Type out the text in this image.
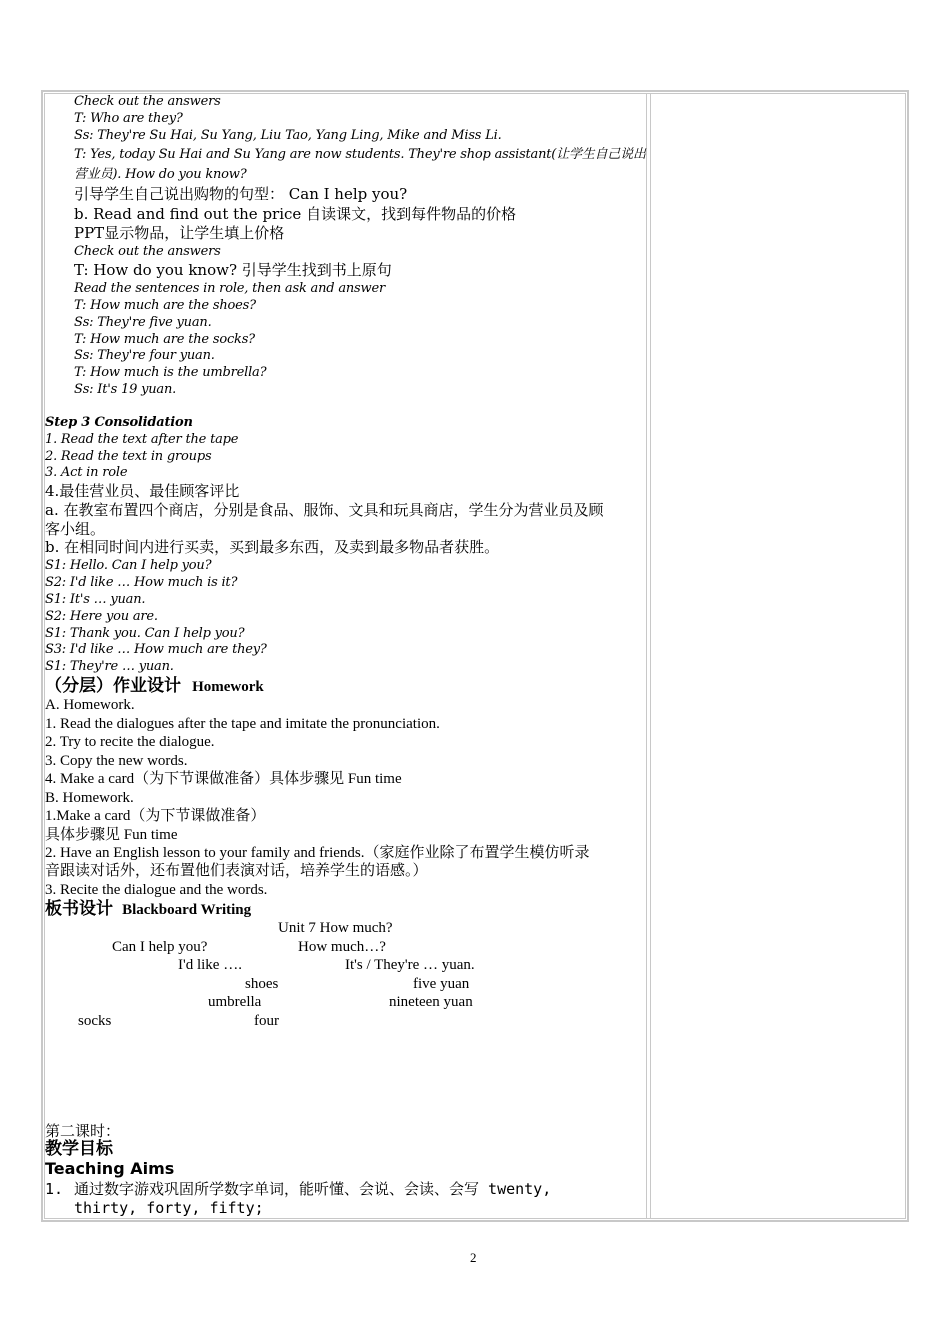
Check out the answers
T: Who are they?
Ss: They're Su Hai, Su Yang, Liu Tao, Yang Ling, Mike and Miss Li.
T: Yes, today Su Hai and Su Yang are now students. They're shop assistant(让学生自己说出
营业员). How do you know?
引导学生自己说出购物的句型： Can I help you?
b. Read and find out the price 自读课文，找到每件物品的价格
PPT显示物品，让学生填上价格
Check out the answers
T: How do you know? 引导学生找到书上原句
Read the sentences in role, then ask and answer
T: How much are the shoes?
Ss: They're five yuan.
T: How much are the socks?
Ss: They're four yuan.
T: How much is the umbrella?
Ss: It's 19 yuan.
Step 3 Consolidation
1. Read the text after the tape
2. Read the text in groups
3. Act in role
4.最佳营业员、最佳顾客评比
a. 在教室布置四个商店，分别是食品、服饰、文具和玩具商店，学生分为营业员及顾
客小组。
b. 在相同时间内进行买卖，买到最多东西，及卖到最多物品者获胜。
S1: Hello. Can I help you?
S2: I'd like … How much is it?
S1: It's … yuan.
S2: Here you are.
S1: Thank you. Can I help you?
S3: I'd like … How much are they?
S1: They're … yuan.
（分层）作业设计 Homework
A. Homework.
1. Read the dialogues after the tape and imitate the pronunciation.
2. Try to recite the dialogue.
3. Copy the new words.
4. Make a card（为下节课做准备）具体步骤见 Fun time
B. Homework.
1.Make a card（为下节课做准备）
具体步骤见 Fun time
2. Have an English lesson to your family and friends.（家庭作业除了布置学生模仿听录
音跟读对话外，还布置他们表演对话，培养学生的语感。）
3. Recite the dialogue and the words.
板书设计 Blackboard Writing
Unit 7 How much?
Can I help you?	How much…?
I'd like ….	It's / They're … yuan.
shoes	five yuan
umbrella	nineteen yuan
socks	four
第二课时：
教学目标
Teaching Aims
1. 通过数字游戏巩固所学数字单词，能听懂、会说、会读、会写 twenty,
thirty, forty, fifty;
2
